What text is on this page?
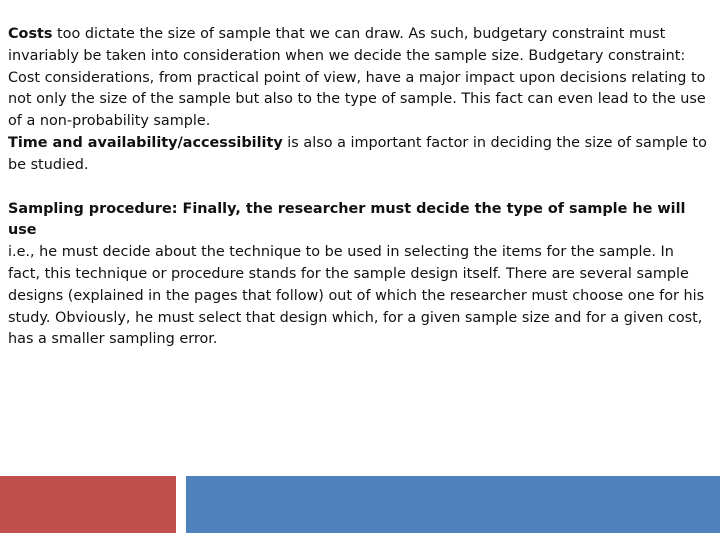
Costs too dictate the size of sample that we can draw. As such, budgetary constraint must invariably be taken into consideration when we decide the sample size. Budgetary constraint: Cost considerations, from practical point of view, have a major impact upon decisions relating to not only the size of the sample but also to the type of sample. This fact can even lead to the use of a non-probability sample.

Time and availability/accessibility is also a important factor in deciding the size of sample to be studied.

Sampling procedure: Finally, the researcher must decide the type of sample he will use
i.e., he must decide about the technique to be used in selecting the items for the sample. In fact, this technique or procedure stands for the sample design itself. There are several sample designs (explained in the pages that follow) out of which the researcher must choose one for his study. Obviously, he must select that design which, for a given sample size and for a given cost, has a smaller sampling error.
